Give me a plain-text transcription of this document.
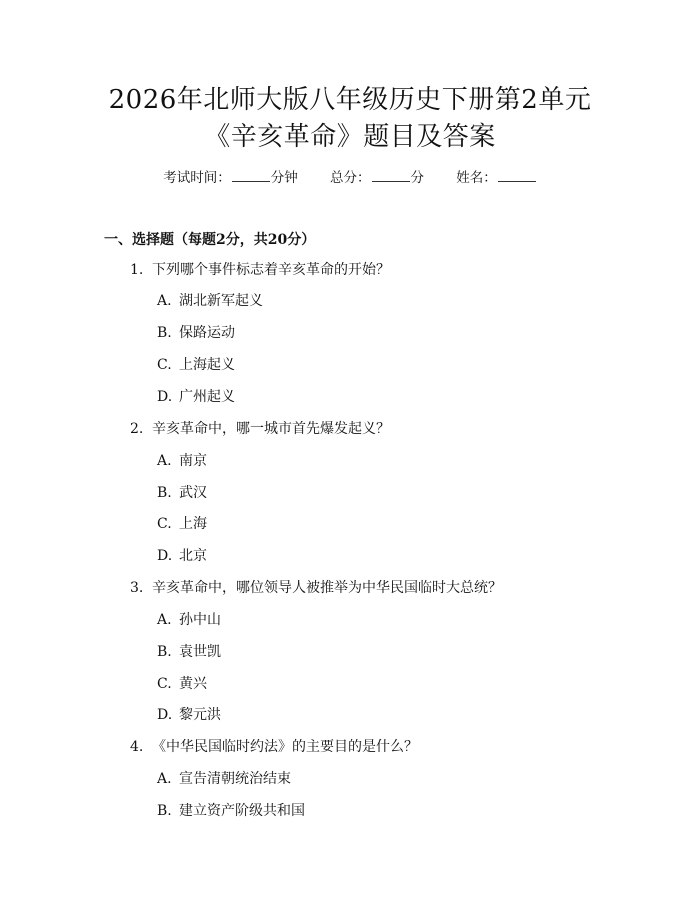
2026年北师大版八年级历史下册第2单元
《辛亥革命》题目及答案
考试时间：	分钟 总分：	分 姓名：
一、选择题（每题2分，共20分）
1. 下列哪个事件标志着辛亥革命的开始？
A. 湖北新军起义
B. 保路运动
C. 上海起义
D. 广州起义
2. 辛亥革命中，哪一城市首先爆发起义？
A. 南京
B. 武汉
C. 上海
D. 北京
3. 辛亥革命中，哪位领导人被推举为中华民国临时大总统？
A. 孙中山
B. 袁世凯
C. 黄兴
D. 黎元洪
4. 《中华民国临时约法》的主要目的是什么？
A. 宣告清朝统治结束
B. 建立资产阶级共和国
